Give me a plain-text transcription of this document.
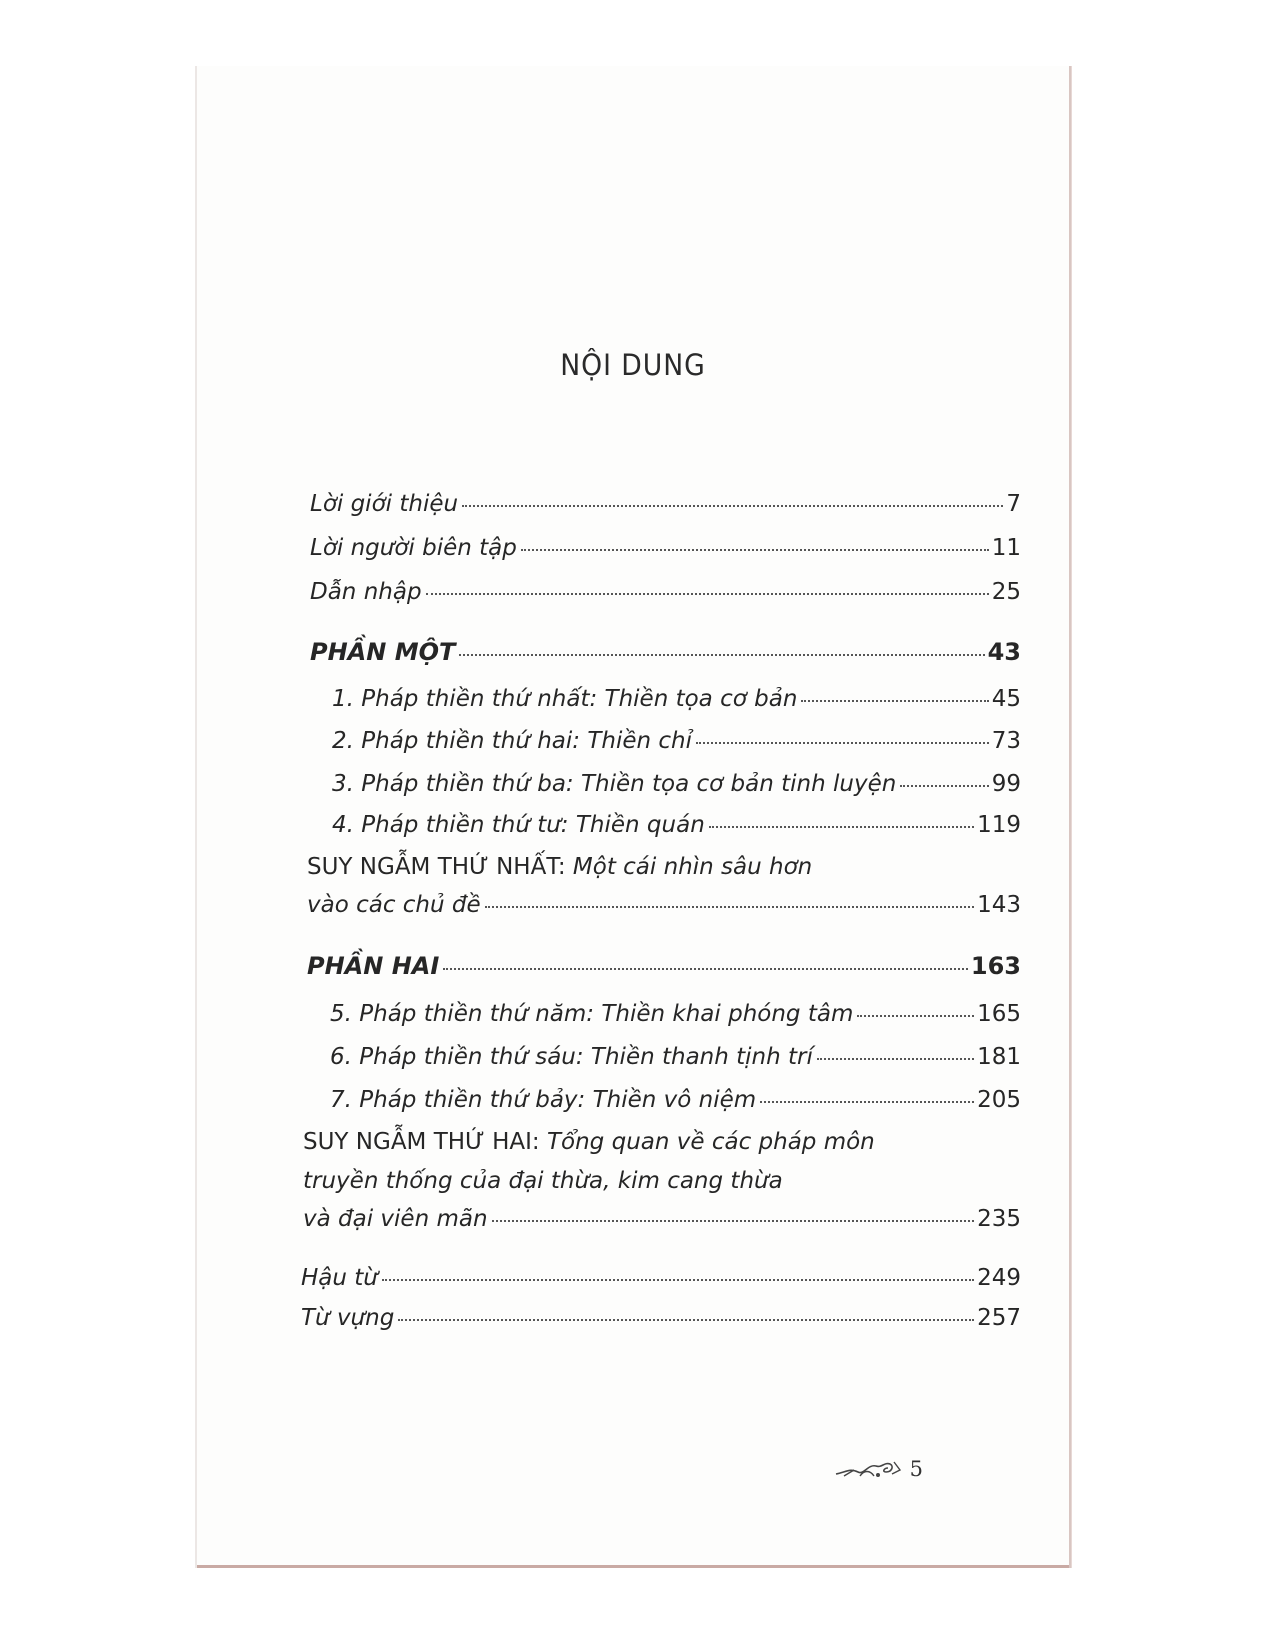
NỘI DUNG
Lời giới thiệu	7
Lời người biên tập	11
Dẫn nhập	25
PHẦN MỘT	43
1. Pháp thiền thứ nhất: Thiền tọa cơ bản	45
2. Pháp thiền thứ hai: Thiền chỉ	73
3. Pháp thiền thứ ba: Thiền tọa cơ bản tinh luyện	99
4. Pháp thiền thứ tư: Thiền quán	119
SUY NGẪM THỨ NHẤT: Một cái nhìn sâu hơn
vào các chủ đề	143
PHẦN HAI	163
5. Pháp thiền thứ năm: Thiền khai phóng tâm	165
6. Pháp thiền thứ sáu: Thiền thanh tịnh trí	181
7. Pháp thiền thứ bảy: Thiền vô niệm	205
SUY NGẪM THỨ HAI: Tổng quan về các pháp môn
truyền thống của đại thừa, kim cang thừa
và đại viên mãn	235
Hậu từ	249
Từ vựng	257
5
